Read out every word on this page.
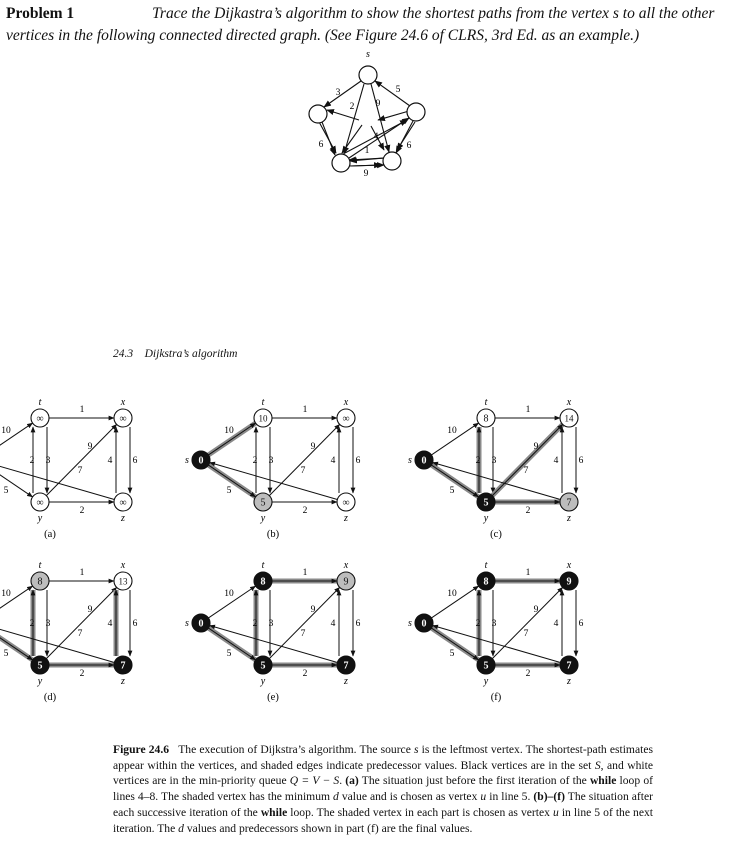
Problem 1	Trace the Dijkastra’s algorithm to show the shortest paths from the vertex s to all the other vertices in the following connected directed graph. (See Figure 24.6 of CLRS, 3rd Ed. as an example.)
s
3
2 9
5
4
6
1	6
9
24.3    Dijkstra’s algorithm
10
5
1
2 3
9
4 6
7
2
∞
t
∞
x
∞
y
∞
z
(a)
10
5
1
2 3
9
4 6
7
2
0
s
10
t
∞
x
5
y
∞
z
(b)
10
5
1
2 3
9
4 6
7
2
0
s
8
t
14
x
5
y
7
z
(c)
10
5
1
2 3
9
4 6
7
2
8
t
13
x
5
y
7
z
(d)
10
5
1
2 3
9
4 6
7
2
0
s
8
t
9
x
5
y
7
z
(e)
10
5
1
2 3
9
4 6
7
2
0
s
8
t
9
x
5
y
7
z
(f)
Figure 24.6 The execution of Dijkstra’s algorithm. The source s is the leftmost vertex. The shortest-path estimates appear within the vertices, and shaded edges indicate predecessor values. Black vertices are in the set S, and white vertices are in the min-priority queue Q = V − S. (a) The situation just before the first iteration of the while loop of lines 4–8. The shaded vertex has the minimum d value and is chosen as vertex u in line 5. (b)–(f) The situation after each successive iteration of the while loop. The shaded vertex in each part is chosen as vertex u in line 5 of the next iteration. The d values and predecessors shown in part (f) are the final values.
